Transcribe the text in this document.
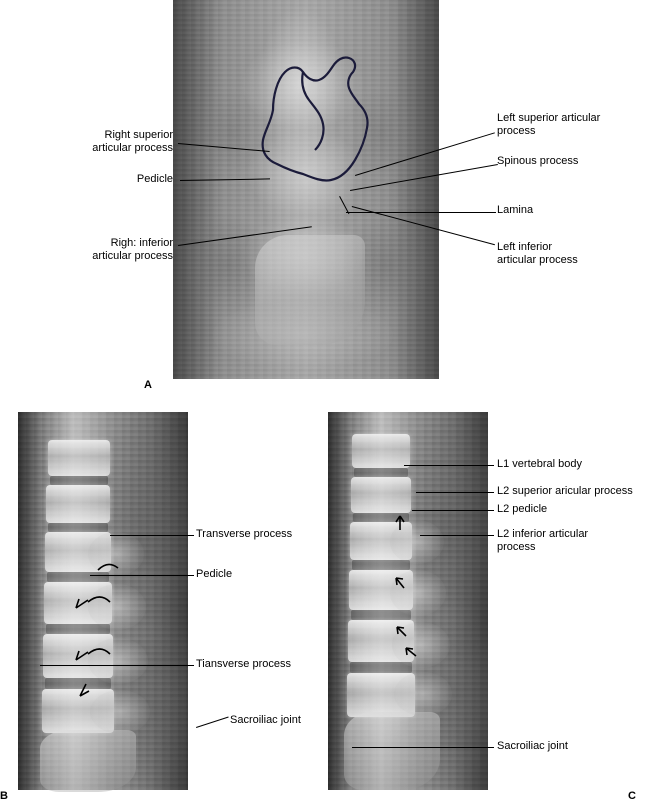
Right superior
articular process
Pedicle
Righ: inferior
articular process
Left superior articular
process
Spinous process
Lamina
Left inferior
articular process
A
B
Transverse process
Pedicle
Tiansverse process
Sacroiliac joint
C
L1 vertebral body
L2 superior aricular process
L2 pedicle
L2 inferior articular
process
Sacroiliac joint
